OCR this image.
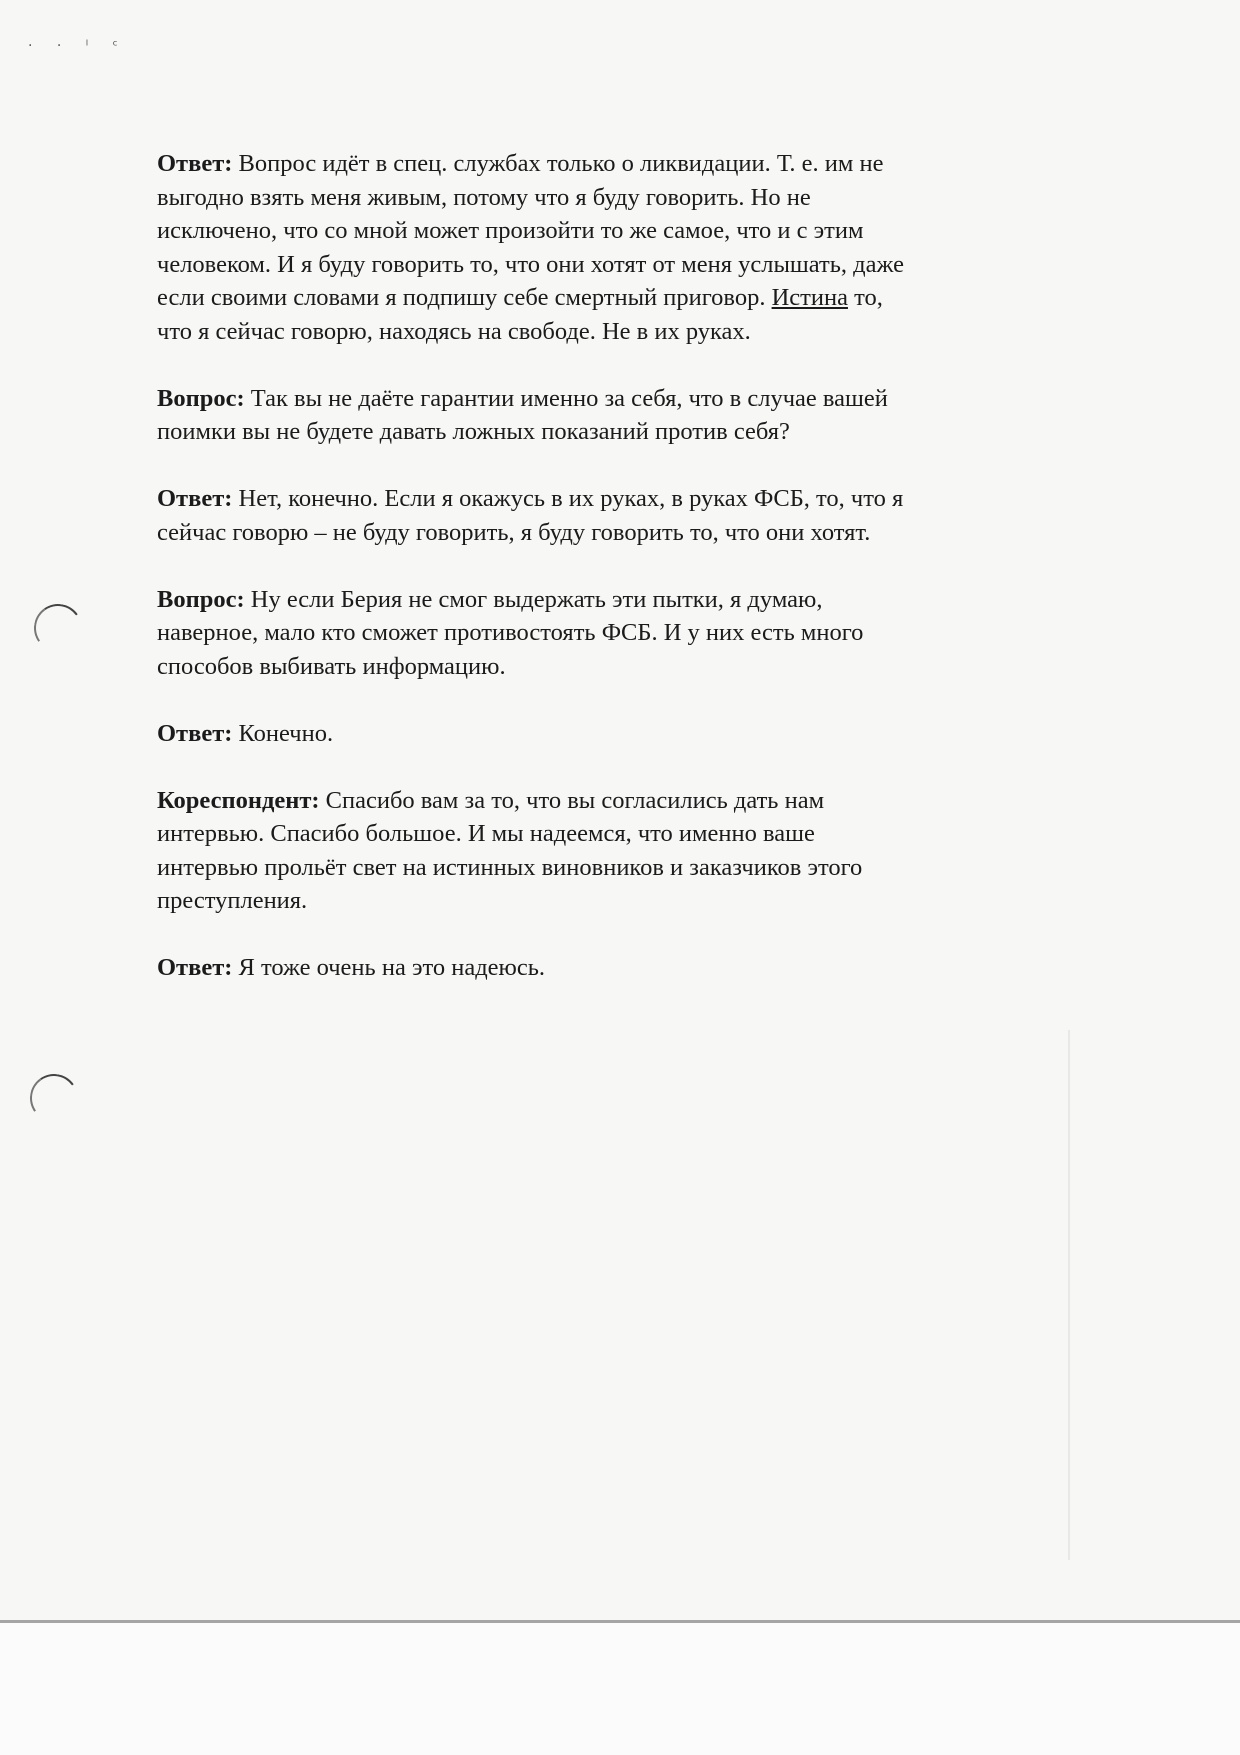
· · ˡ ᶜ

Ответ: Вопрос идёт в спец. службах только о ликвидации. Т. е. им не
выгодно взять меня живым, потому что я буду говорить. Но не
исключено, что со мной может произойти то же самое, что и с этим
человеком. И я буду говорить то, что они хотят от меня услышать, даже
если своими словами я подпишу себе смертный приговор. Истина то,
что я сейчас говорю, находясь на свободе. Не в их руках.

Вопрос: Так вы не даёте гарантии именно за себя, что в случае вашей
поимки вы не будете давать ложных показаний против себя?

Ответ: Нет, конечно. Если я окажусь в их руках, в руках ФСБ, то, что я
сейчас говорю – не буду говорить, я буду говорить то, что они хотят.

Вопрос: Ну если Берия не смог выдержать эти пытки, я думаю,
наверное, мало кто сможет противостоять ФСБ. И у них есть много
способов выбивать информацию.

Ответ: Конечно.

Кореспондент: Спасибо вам за то, что вы согласились дать нам
интервью. Спасибо большое. И мы надеемся, что именно ваше
интервью прольёт свет на истинных виновников и заказчиков этого
преступления.

Ответ: Я тоже очень на это надеюсь.
